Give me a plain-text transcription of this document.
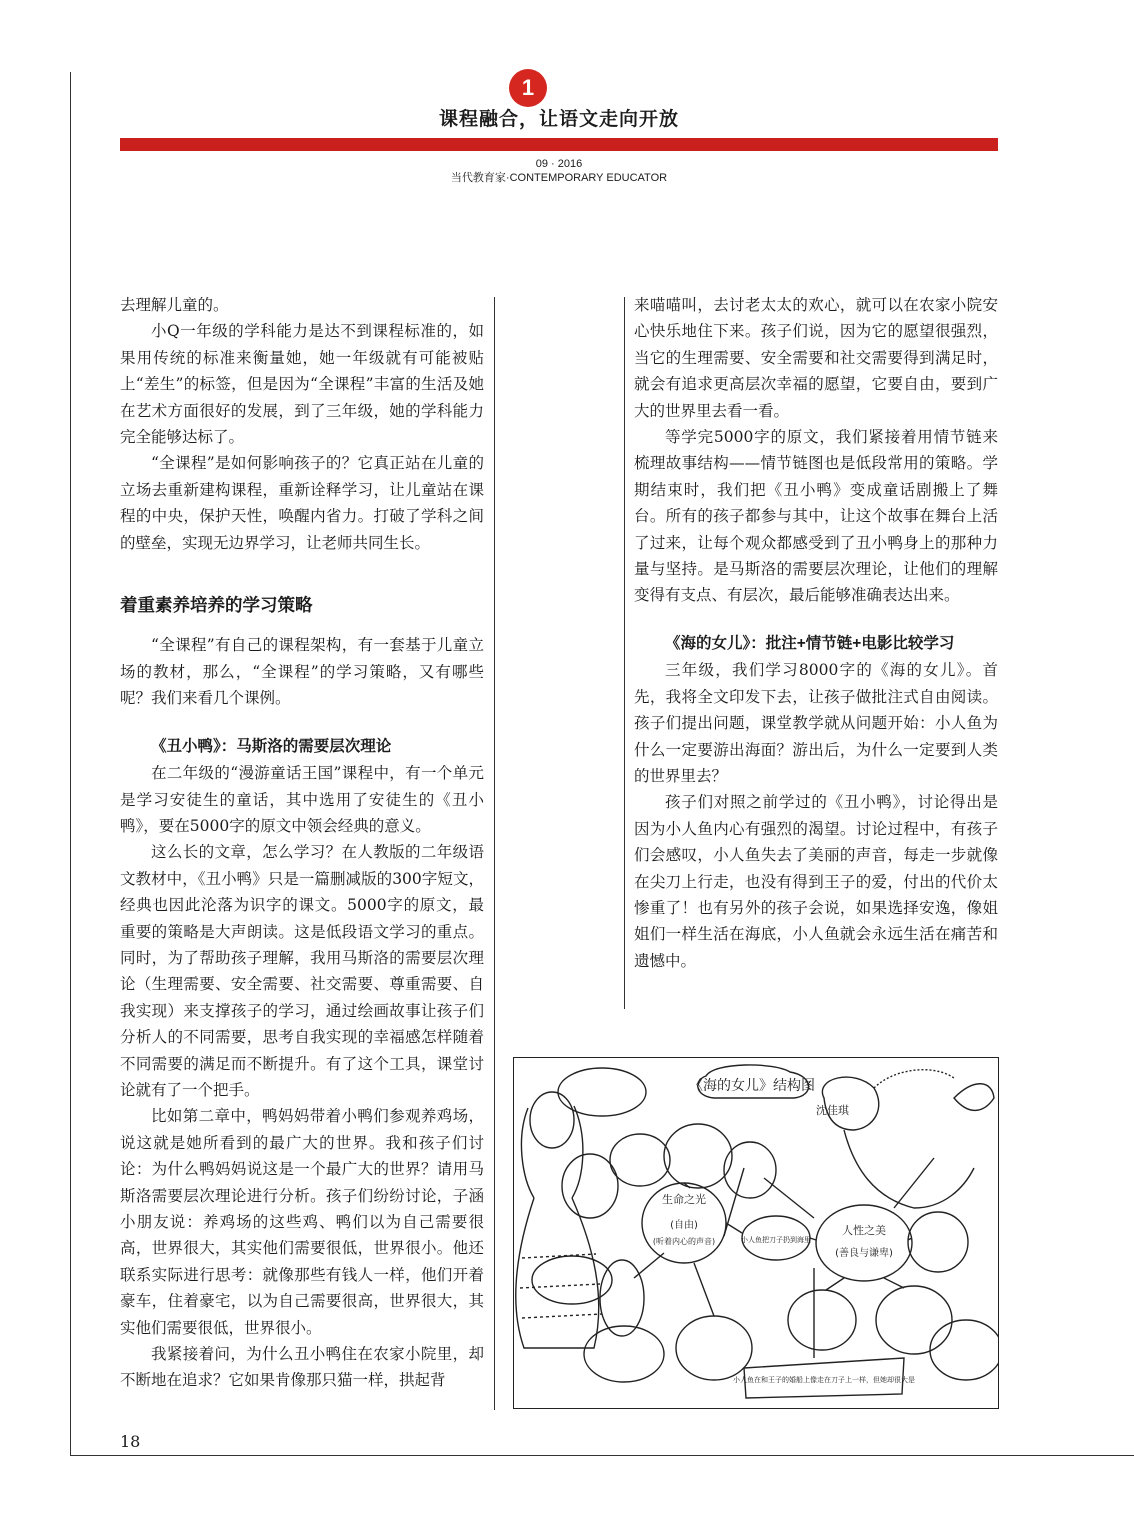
1
课程融合，让语文走向开放
09 · 2016
当代教育家·CONTEMPORARY EDUCATOR

去理解儿童的。

小Q一年级的学科能力是达不到课程标准的，如果用传统的标准来衡量她，她一年级就有可能被贴上“差生”的标签，但是因为“全课程”丰富的生活及她在艺术方面很好的发展，到了三年级，她的学科能力完全能够达标了。

“全课程”是如何影响孩子的？它真正站在儿童的立场去重新建构课程，重新诠释学习，让儿童站在课程的中央，保护天性，唤醒内省力。打破了学科之间的壁垒，实现无边界学习，让老师共同生长。

着重素养培养的学习策略

“全课程”有自己的课程架构，有一套基于儿童立场的教材，那么，“全课程”的学习策略，又有哪些呢？我们来看几个课例。

《丑小鸭》：马斯洛的需要层次理论

在二年级的“漫游童话王国”课程中，有一个单元是学习安徒生的童话，其中选用了安徒生的《丑小鸭》，要在5000字的原文中领会经典的意义。

这么长的文章，怎么学习？在人教版的二年级语文教材中，《丑小鸭》只是一篇删减版的300字短文，经典也因此沦落为识字的课文。5000字的原文，最重要的策略是大声朗读。这是低段语文学习的重点。同时，为了帮助孩子理解，我用马斯洛的需要层次理论（生理需要、安全需要、社交需要、尊重需要、自我实现）来支撑孩子的学习，通过绘画故事让孩子们分析人的不同需要，思考自我实现的幸福感怎样随着不同需要的满足而不断提升。有了这个工具，课堂讨论就有了一个把手。

比如第二章中，鸭妈妈带着小鸭们参观养鸡场，说这就是她所看到的最广大的世界。我和孩子们讨论：为什么鸭妈妈说这是一个最广大的世界？请用马斯洛需要层次理论进行分析。孩子们纷纷讨论，子涵小朋友说：养鸡场的这些鸡、鸭们以为自己需要很高，世界很大，其实他们需要很低，世界很小。他还联系实际进行思考：就像那些有钱人一样，他们开着豪车，住着豪宅，以为自己需要很高，世界很大，其实他们需要很低，世界很小。

我紧接着问，为什么丑小鸭住在农家小院里，却不断地在追求？它如果肯像那只猫一样，拱起背

来喵喵叫，去讨老太太的欢心，就可以在农家小院安心快乐地住下来。孩子们说，因为它的愿望很强烈，当它的生理需要、安全需要和社交需要得到满足时，就会有追求更高层次幸福的愿望，它要自由，要到广大的世界里去看一看。

等学完5000字的原文，我们紧接着用情节链来梳理故事结构——情节链图也是低段常用的策略。学期结束时，我们把《丑小鸭》变成童话剧搬上了舞台。所有的孩子都参与其中，让这个故事在舞台上活了过来，让每个观众都感受到了丑小鸭身上的那种力量与坚持。是马斯洛的需要层次理论，让他们的理解变得有支点、有层次，最后能够准确表达出来。

《海的女儿》：批注+情节链+电影比较学习

三年级，我们学习8000字的《海的女儿》。首先，我将全文印发下去，让孩子做批注式自由阅读。孩子们提出问题，课堂教学就从问题开始：小人鱼为什么一定要游出海面？游出后，为什么一定要到人类的世界里去？

孩子们对照之前学过的《丑小鸭》，讨论得出是因为小人鱼内心有强烈的渴望。讨论过程中，有孩子们会感叹，小人鱼失去了美丽的声音，每走一步就像在尖刀上行走，也没有得到王子的爱，付出的代价太惨重了！也有另外的孩子会说，如果选择安逸，像姐姐们一样生活在海底，小人鱼就会永远生活在痛苦和遗憾中。

《海的女儿》结构图
沈佳琪
生命之光
(自由)
(听着内心的声音)
人性之美
(善良与谦卑)
小人鱼把刀子扔到海里
小人鱼在和王子的婚船上像走在刀子上一样，但她却很大是
18
